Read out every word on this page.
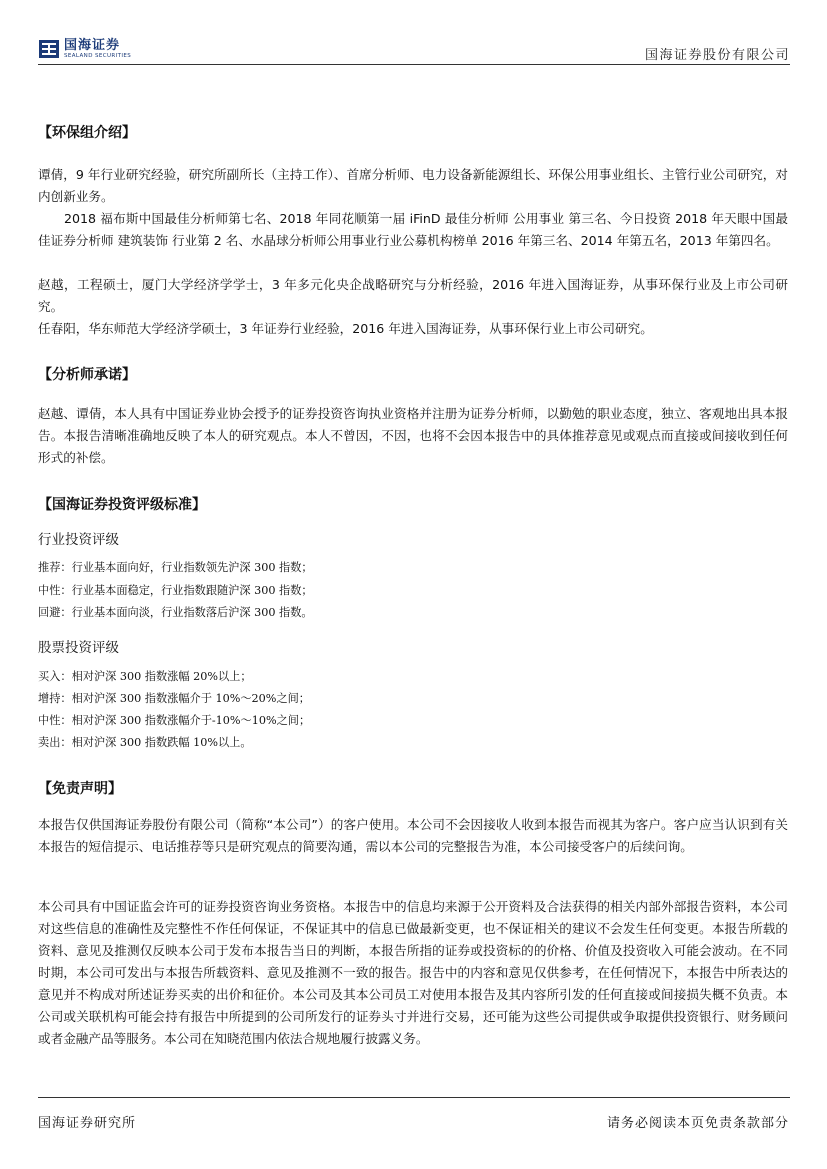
国海证券
SEALAND SECURITIES	国海证券股份有限公司
【环保组介绍】

谭倩，9 年行业研究经验，研究所副所长（主持工作）、首席分析师、电力设备新能源组长、环保公用事业组长、主管行业公司研究，对内创新业务。

2018 福布斯中国最佳分析师第七名、2018 年同花顺第一届 iFinD 最佳分析师 公用事业 第三名、今日投资 2018 年天眼中国最佳证券分析师 建筑装饰 行业第 2 名、水晶球分析师公用事业行业公募机构榜单 2016 年第三名、2014 年第五名，2013 年第四名。

赵越，工程硕士，厦门大学经济学学士，3 年多元化央企战略研究与分析经验，2016 年进入国海证券，从事环保行业及上市公司研究。

任春阳，华东师范大学经济学硕士，3 年证券行业经验，2016 年进入国海证券，从事环保行业上市公司研究。

【分析师承诺】

赵越、谭倩，本人具有中国证券业协会授予的证券投资咨询执业资格并注册为证券分析师，以勤勉的职业态度，独立、客观地出具本报告。本报告清晰准确地反映了本人的研究观点。本人不曾因，不因，也将不会因本报告中的具体推荐意见或观点而直接或间接收到任何形式的补偿。

【国海证券投资评级标准】
行业投资评级
推荐：行业基本面向好，行业指数领先沪深 300 指数；
中性：行业基本面稳定，行业指数跟随沪深 300 指数；
回避：行业基本面向淡，行业指数落后沪深 300 指数。
股票投资评级
买入：相对沪深 300 指数涨幅 20%以上；
增持：相对沪深 300 指数涨幅介于 10%～20%之间；
中性：相对沪深 300 指数涨幅介于-10%～10%之间；
卖出：相对沪深 300 指数跌幅 10%以上。
【免责声明】

本报告仅供国海证券股份有限公司（简称“本公司”）的客户使用。本公司不会因接收人收到本报告而视其为客户。客户应当认识到有关本报告的短信提示、电话推荐等只是研究观点的简要沟通，需以本公司的完整报告为准，本公司接受客户的后续问询。

本公司具有中国证监会许可的证券投资咨询业务资格。本报告中的信息均来源于公开资料及合法获得的相关内部外部报告资料，本公司对这些信息的准确性及完整性不作任何保证，不保证其中的信息已做最新变更，也不保证相关的建议不会发生任何变更。本报告所载的资料、意见及推测仅反映本公司于发布本报告当日的判断，本报告所指的证券或投资标的的价格、价值及投资收入可能会波动。在不同时期，本公司可发出与本报告所载资料、意见及推测不一致的报告。报告中的内容和意见仅供参考，在任何情况下，本报告中所表达的意见并不构成对所述证券买卖的出价和征价。本公司及其本公司员工对使用本报告及其内容所引发的任何直接或间接损失概不负责。本公司或关联机构可能会持有报告中所提到的公司所发行的证券头寸并进行交易，还可能为这些公司提供或争取提供投资银行、财务顾问或者金融产品等服务。本公司在知晓范围内依法合规地履行披露义务。

国海证券研究所	请务必阅读本页免责条款部分
